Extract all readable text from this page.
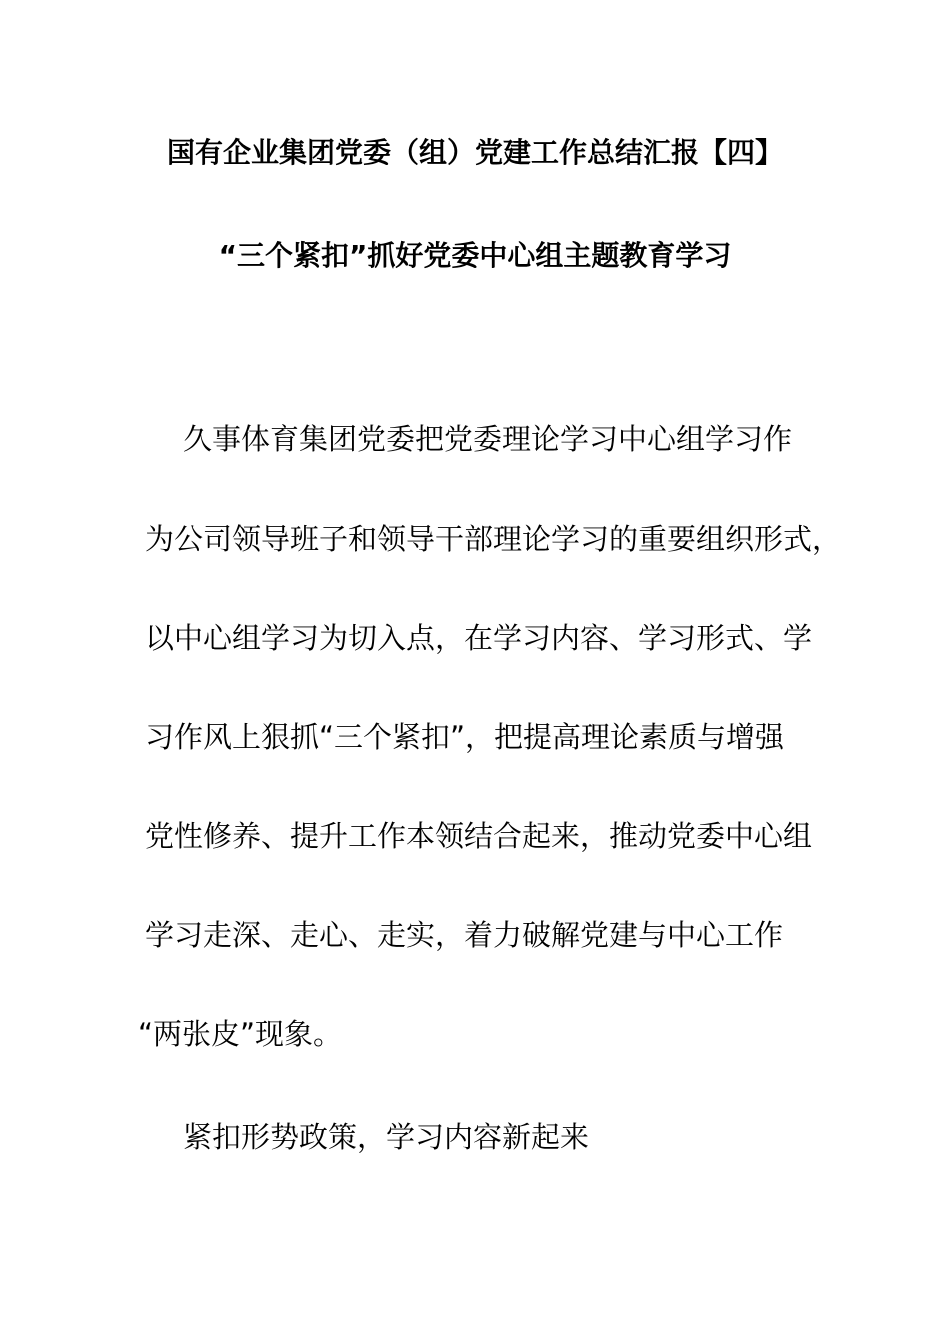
国有企业集团党委（组）党建工作总结汇报【四】
“三个紧扣”抓好党委中心组主题教育学习
久事体育集团党委把党委理论学习中心组学习作
为公司领导班子和领导干部理论学习的重要组织形式，
以中心组学习为切入点，在学习内容、学习形式、学
习作风上狠抓“三个紧扣”，把提高理论素质与增强
党性修养、提升工作本领结合起来，推动党委中心组
学习走深、走心、走实，着力破解党建与中心工作
“两张皮”现象。
紧扣形势政策，学习内容新起来
